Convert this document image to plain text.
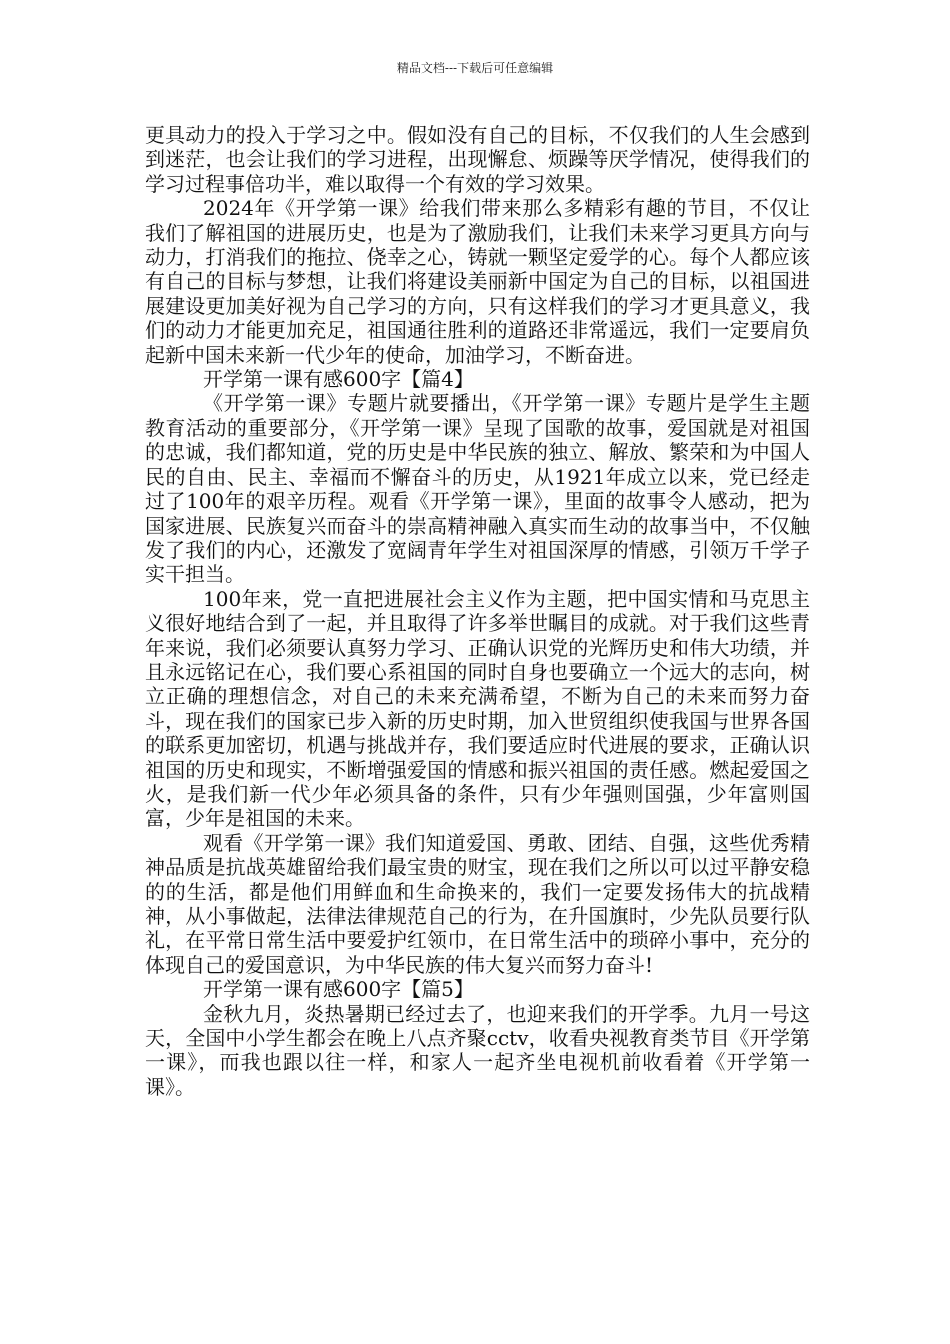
精品文档---下载后可任意编辑

更具动力的投入于学习之中。假如没有自己的目标，不仅我们的人生会感到到迷茫，也会让我们的学习进程，出现懈怠、烦躁等厌学情况，使得我们的学习过程事倍功半，难以取得一个有效的学习效果。

2024年《开学第一课》给我们带来那么多精彩有趣的节目，不仅让我们了解祖国的进展历史，也是为了激励我们，让我们未来学习更具方向与动力，打消我们的拖拉、侥幸之心，铸就一颗坚定爱学的心。每个人都应该有自己的目标与梦想，让我们将建设美丽新中国定为自己的目标，以祖国进展建设更加美好视为自己学习的方向，只有这样我们的学习才更具意义，我们的动力才能更加充足，祖国通往胜利的道路还非常遥远，我们一定要肩负起新中国未来新一代少年的使命，加油学习，不断奋进。

开学第一课有感600字【篇4】

《开学第一课》专题片就要播出，《开学第一课》专题片是学生主题教育活动的重要部分，《开学第一课》呈现了国歌的故事，爱国就是对祖国的忠诚，我们都知道，党的历史是中华民族的独立、解放、繁荣和为中国人民的自由、民主、幸福而不懈奋斗的历史，从1921年成立以来，党已经走过了100年的艰辛历程。观看《开学第一课》，里面的故事令人感动，把为国家进展、民族复兴而奋斗的崇高精神融入真实而生动的故事当中，不仅触发了我们的内心，还激发了宽阔青年学生对祖国深厚的情感，引领万千学子实干担当。

100年来，党一直把进展社会主义作为主题，把中国实情和马克思主义很好地结合到了一起，并且取得了许多举世瞩目的成就。对于我们这些青年来说，我们必须要认真努力学习、正确认识党的光辉历史和伟大功绩，并且永远铭记在心，我们要心系祖国的同时自身也要确立一个远大的志向，树立正确的理想信念，对自己的未来充满希望，不断为自己的未来而努力奋斗，现在我们的国家已步入新的历史时期，加入世贸组织使我国与世界各国的联系更加密切，机遇与挑战并存，我们要适应时代进展的要求，正确认识祖国的历史和现实，不断增强爱国的情感和振兴祖国的责任感。燃起爱国之火，是我们新一代少年必须具备的条件，只有少年强则国强，少年富则国富，少年是祖国的未来。

观看《开学第一课》我们知道爱国、勇敢、团结、自强，这些优秀精神品质是抗战英雄留给我们最宝贵的财宝，现在我们之所以可以过平静安稳的的生活，都是他们用鲜血和生命换来的，我们一定要发扬伟大的抗战精神，从小事做起，法律法律规范自己的行为，在升国旗时，少先队员要行队礼，在平常日常生活中要爱护红领巾，在日常生活中的琐碎小事中，充分的体现自己的爱国意识，为中华民族的伟大复兴而努力奋斗!

开学第一课有感600字【篇5】

金秋九月，炎热暑期已经过去了，也迎来我们的开学季。九月一号这天，全国中小学生都会在晚上八点齐聚cctv，收看央视教育类节目《开学第一课》，而我也跟以往一样，和家人一起齐坐电视机前收看着《开学第一课》。
